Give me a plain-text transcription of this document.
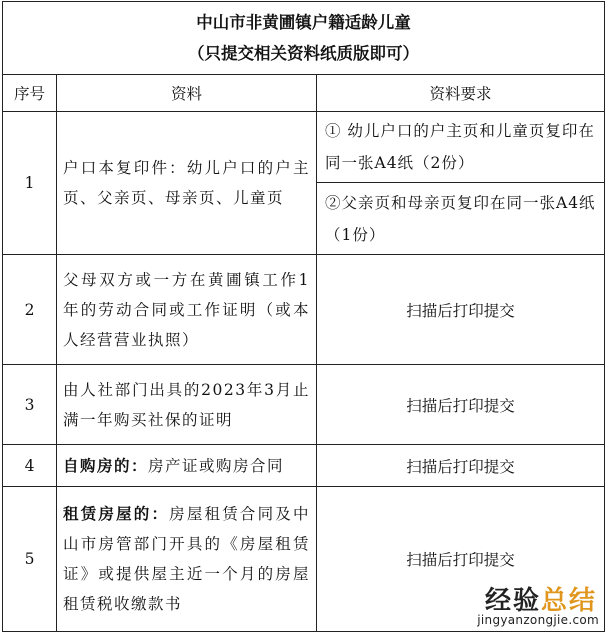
中山市非黄圃镇户籍适龄儿童
（只提交相关资料纸质版即可）		

序号	资料	资料要求
1	户口本复印件：幼儿户口的户主页、父亲页、母亲页、儿童页	① 幼儿户口的户主页和儿童页复印在同一张A4纸（2份）
		②父亲页和母亲页复印在同一张A4纸（1份）
2	父母双方或一方在黄圃镇工作1年的劳动合同或工作证明（或本人经营营业执照）	扫描后打印提交
3	由人社部门出具的2023年3月止满一年购买社保的证明	扫描后打印提交
4	自购房的：房产证或购房合同	扫描后打印提交
5	租赁房屋的：房屋租赁合同及中山市房管部门开具的《房屋租赁证》或提供屋主近一个月的房屋租赁税收缴款书	扫描后打印提交
经验总结
jingyanzongjie.com
